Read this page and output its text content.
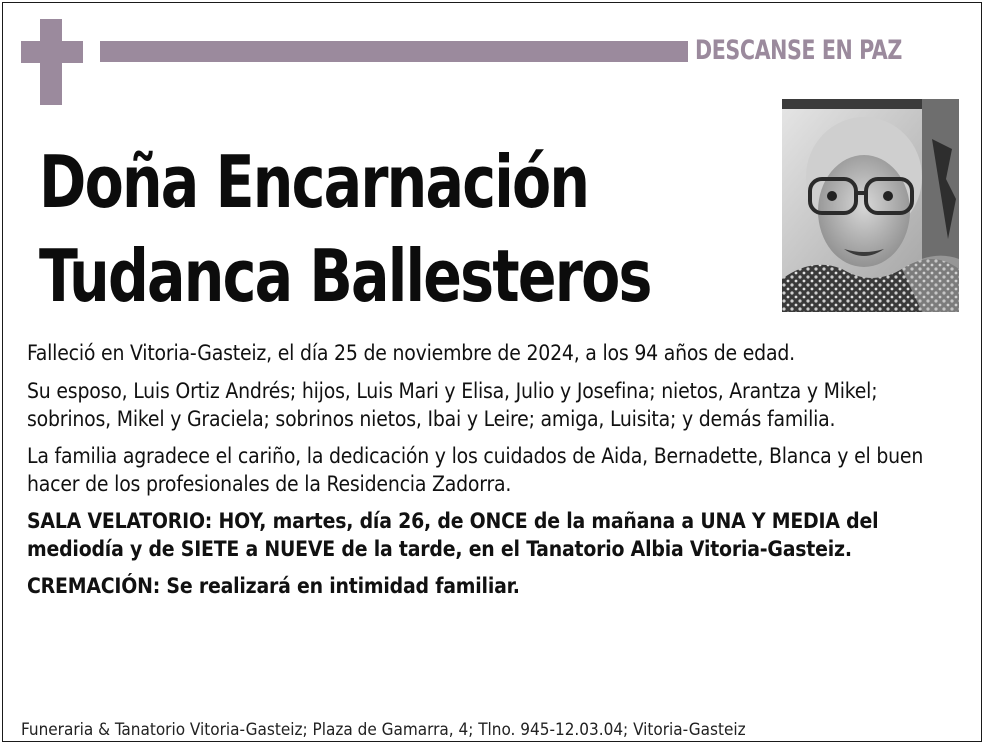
DESCANSE EN PAZ
Doña Encarnación
Tudanca Ballesteros

Falleció en Vitoria-Gasteiz, el día 25 de noviembre de 2024, a los 94 años de edad.

Su esposo, Luis Ortiz Andrés; hijos, Luis Mari y Elisa, Julio y Josefina; nietos, Arantza y Mikel; sobrinos, Mikel y Graciela; sobrinos nietos, Ibai y Leire; amiga, Luisita; y demás familia.

La familia agradece el cariño, la dedicación y los cuidados de Aida, Bernadette, Blanca y el buen hacer de los profesionales de la Residencia Zadorra.

SALA VELATORIO: HOY, martes, día 26, de ONCE de la mañana a UNA Y MEDIA del mediodía y de SIETE a NUEVE de la tarde, en el Tanatorio Albia Vitoria-Gasteiz.

CREMACIÓN: Se realizará en intimidad familiar.

Funeraria & Tanatorio Vitoria-Gasteiz; Plaza de Gamarra, 4; Tlno. 945-12.03.04; Vitoria-Gasteiz
